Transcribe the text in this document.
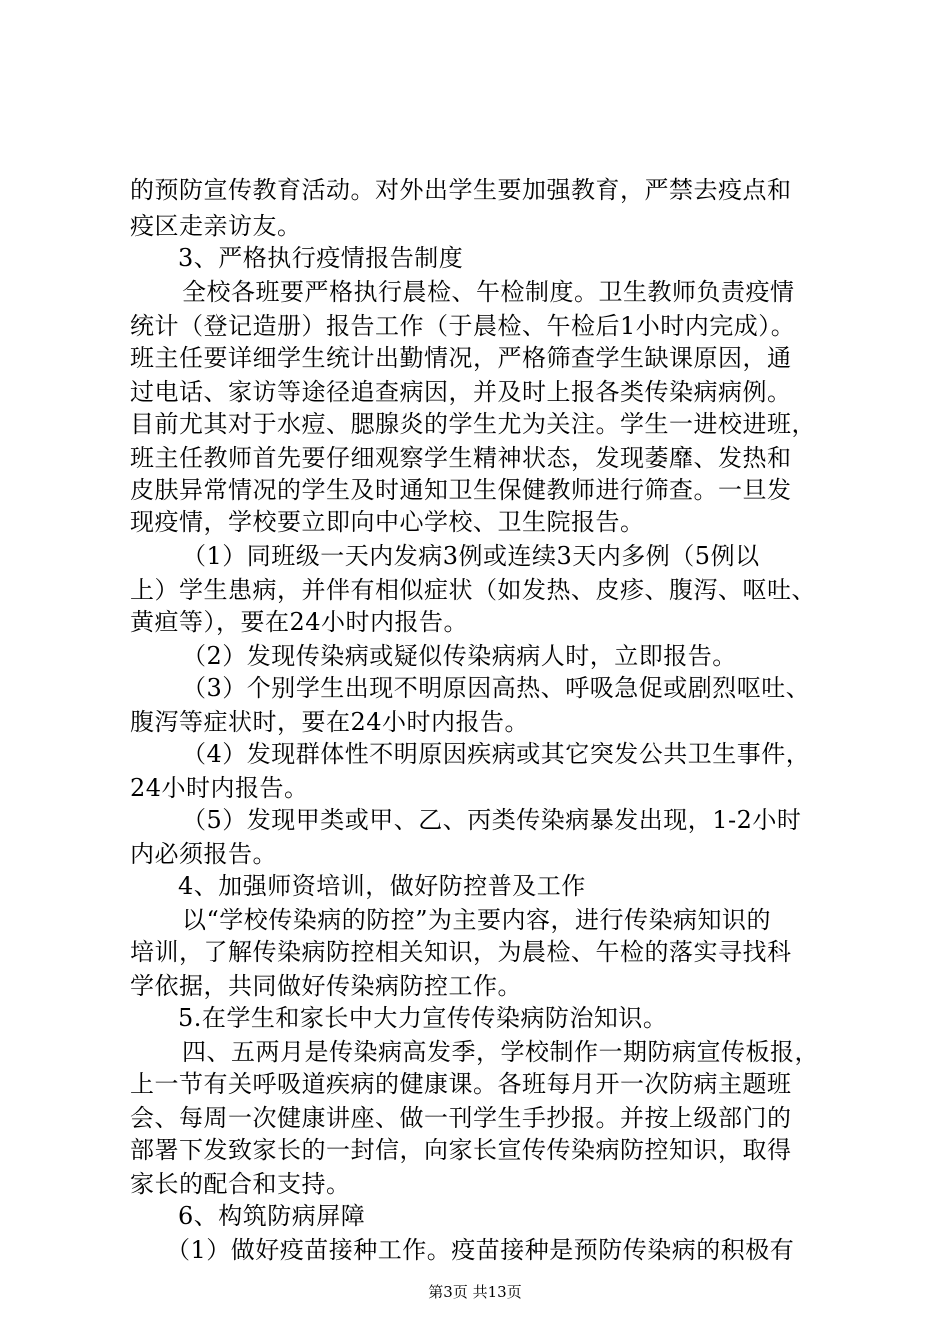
的预防宣传教育活动。对外出学生要加强教育，严禁去疫点和
疫区走亲访友。
3、严格执行疫情报告制度
全校各班要严格执行晨检、午检制度。卫生教师负责疫情
统计（登记造册）报告工作（于晨检、午检后1小时内完成）。
班主任要详细学生统计出勤情况，严格筛查学生缺课原因，通
过电话、家访等途径追查病因，并及时上报各类传染病病例。
目前尤其对于水痘、腮腺炎的学生尤为关注。学生一进校进班，
班主任教师首先要仔细观察学生精神状态，发现萎靡、发热和
皮肤异常情况的学生及时通知卫生保健教师进行筛查。一旦发
现疫情，学校要立即向中心学校、卫生院报告。
（1）同班级一天内发病3例或连续3天内多例（5例以
上）学生患病，并伴有相似症状（如发热、皮疹、腹泻、呕吐、
黄疸等），要在24小时内报告。
（2）发现传染病或疑似传染病病人时，立即报告。
（3）个别学生出现不明原因高热、呼吸急促或剧烈呕吐、
腹泻等症状时，要在24小时内报告。
（4）发现群体性不明原因疾病或其它突发公共卫生事件，
24小时内报告。
（5）发现甲类或甲、乙、丙类传染病暴发出现，1-2小时
内必须报告。
4、加强师资培训，做好防控普及工作
以“学校传染病的防控”为主要内容，进行传染病知识的
培训，了解传染病防控相关知识，为晨检、午检的落实寻找科
学依据，共同做好传染病防控工作。
5.在学生和家长中大力宣传传染病防治知识。
四、五两月是传染病高发季，学校制作一期防病宣传板报，
上一节有关呼吸道疾病的健康课。各班每月开一次防病主题班
会、每周一次健康讲座、做一刊学生手抄报。并按上级部门的
部署下发致家长的一封信，向家长宣传传染病防控知识，取得
家长的配合和支持。
6、构筑防病屏障
（1）做好疫苗接种工作。疫苗接种是预防传染病的积极有
第3页 共13页
